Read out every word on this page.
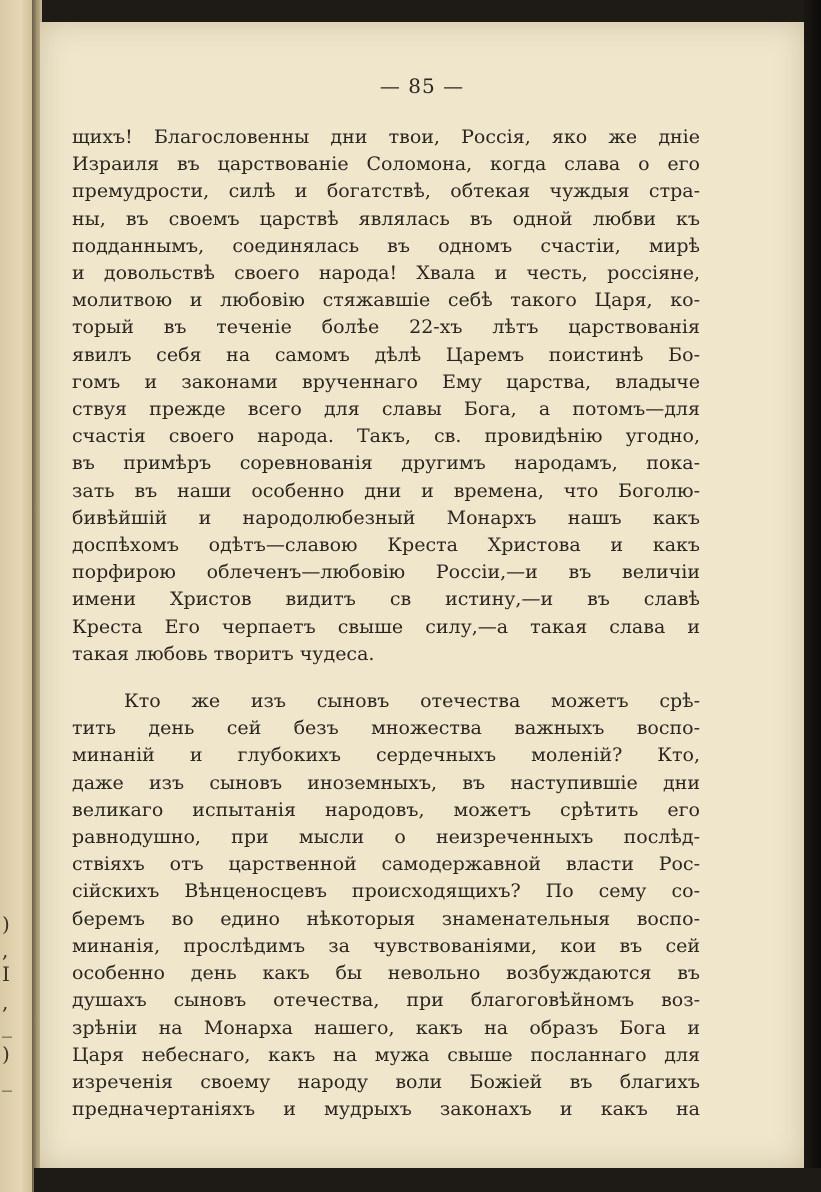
)
,
І
,
_
)
_
— 85 —
щихъ! Благословенны дни твои, Россія, яко же дніе
Израиля въ царствованіе Соломона, когда слава о его
премудрости, силѣ и богатствѣ, обтекая чуждыя стра-
ны, въ своемъ царствѣ являлась въ одной любви къ
подданнымъ, соединялась въ одномъ счастіи, мирѣ
и довольствѣ своего народа! Хвала и честь, россіяне,
молитвою и любовію стяжавшіе себѣ такого Царя, ко-
торый въ теченіе болѣе 22-хъ лѣтъ царствованія
явилъ себя на самомъ дѣлѣ Царемъ поистинѣ Бо-
гомъ и законами врученнаго Ему царства, владыче
ствуя прежде всего для славы Бога, а потомъ—для
счастія своего народа. Такъ, св. провидѣнію угодно,
въ примѣръ соревнованія другимъ народамъ, пока-
зать въ наши особенно дни и времена, что Боголю-
бивѣйшій и народолюбезный Монархъ нашъ какъ
доспѣхомъ одѣтъ—славою Креста Христова и какъ
порфирою облеченъ—любовію Россіи,—и въ величіи
имени Христов видитъ св истину,—и въ славѣ
Креста Его черпаетъ свыше силу,—а такая слава и
такая любовь творитъ чудеса.
Кто же изъ сыновъ отечества можетъ срѣ-
тить день сей безъ множества важныхъ воспо-
минаній и глубокихъ сердечныхъ моленій? Кто,
даже изъ сыновъ иноземныхъ, въ наступившіе дни
великаго испытанія народовъ, можетъ срѣтить его
равнодушно, при мысли о неизреченныхъ послѣд-
ствіяхъ отъ царственной самодержавной власти Рос-
сійскихъ Вѣнценосцевъ происходящихъ? По сему со-
беремъ во едино нѣкоторыя знаменательныя воспо-
минанія, прослѣдимъ за чувствованіями, кои въ сей
особенно день какъ бы невольно возбуждаются въ
душахъ сыновъ отечества, при благоговѣйномъ воз-
зрѣніи на Монарха нашего, какъ на образъ Бога и
Царя небеснаго, какъ на мужа свыше посланнаго для
изреченія своему народу воли Божіей въ благихъ
предначертаніяхъ и мудрыхъ законахъ и какъ на
